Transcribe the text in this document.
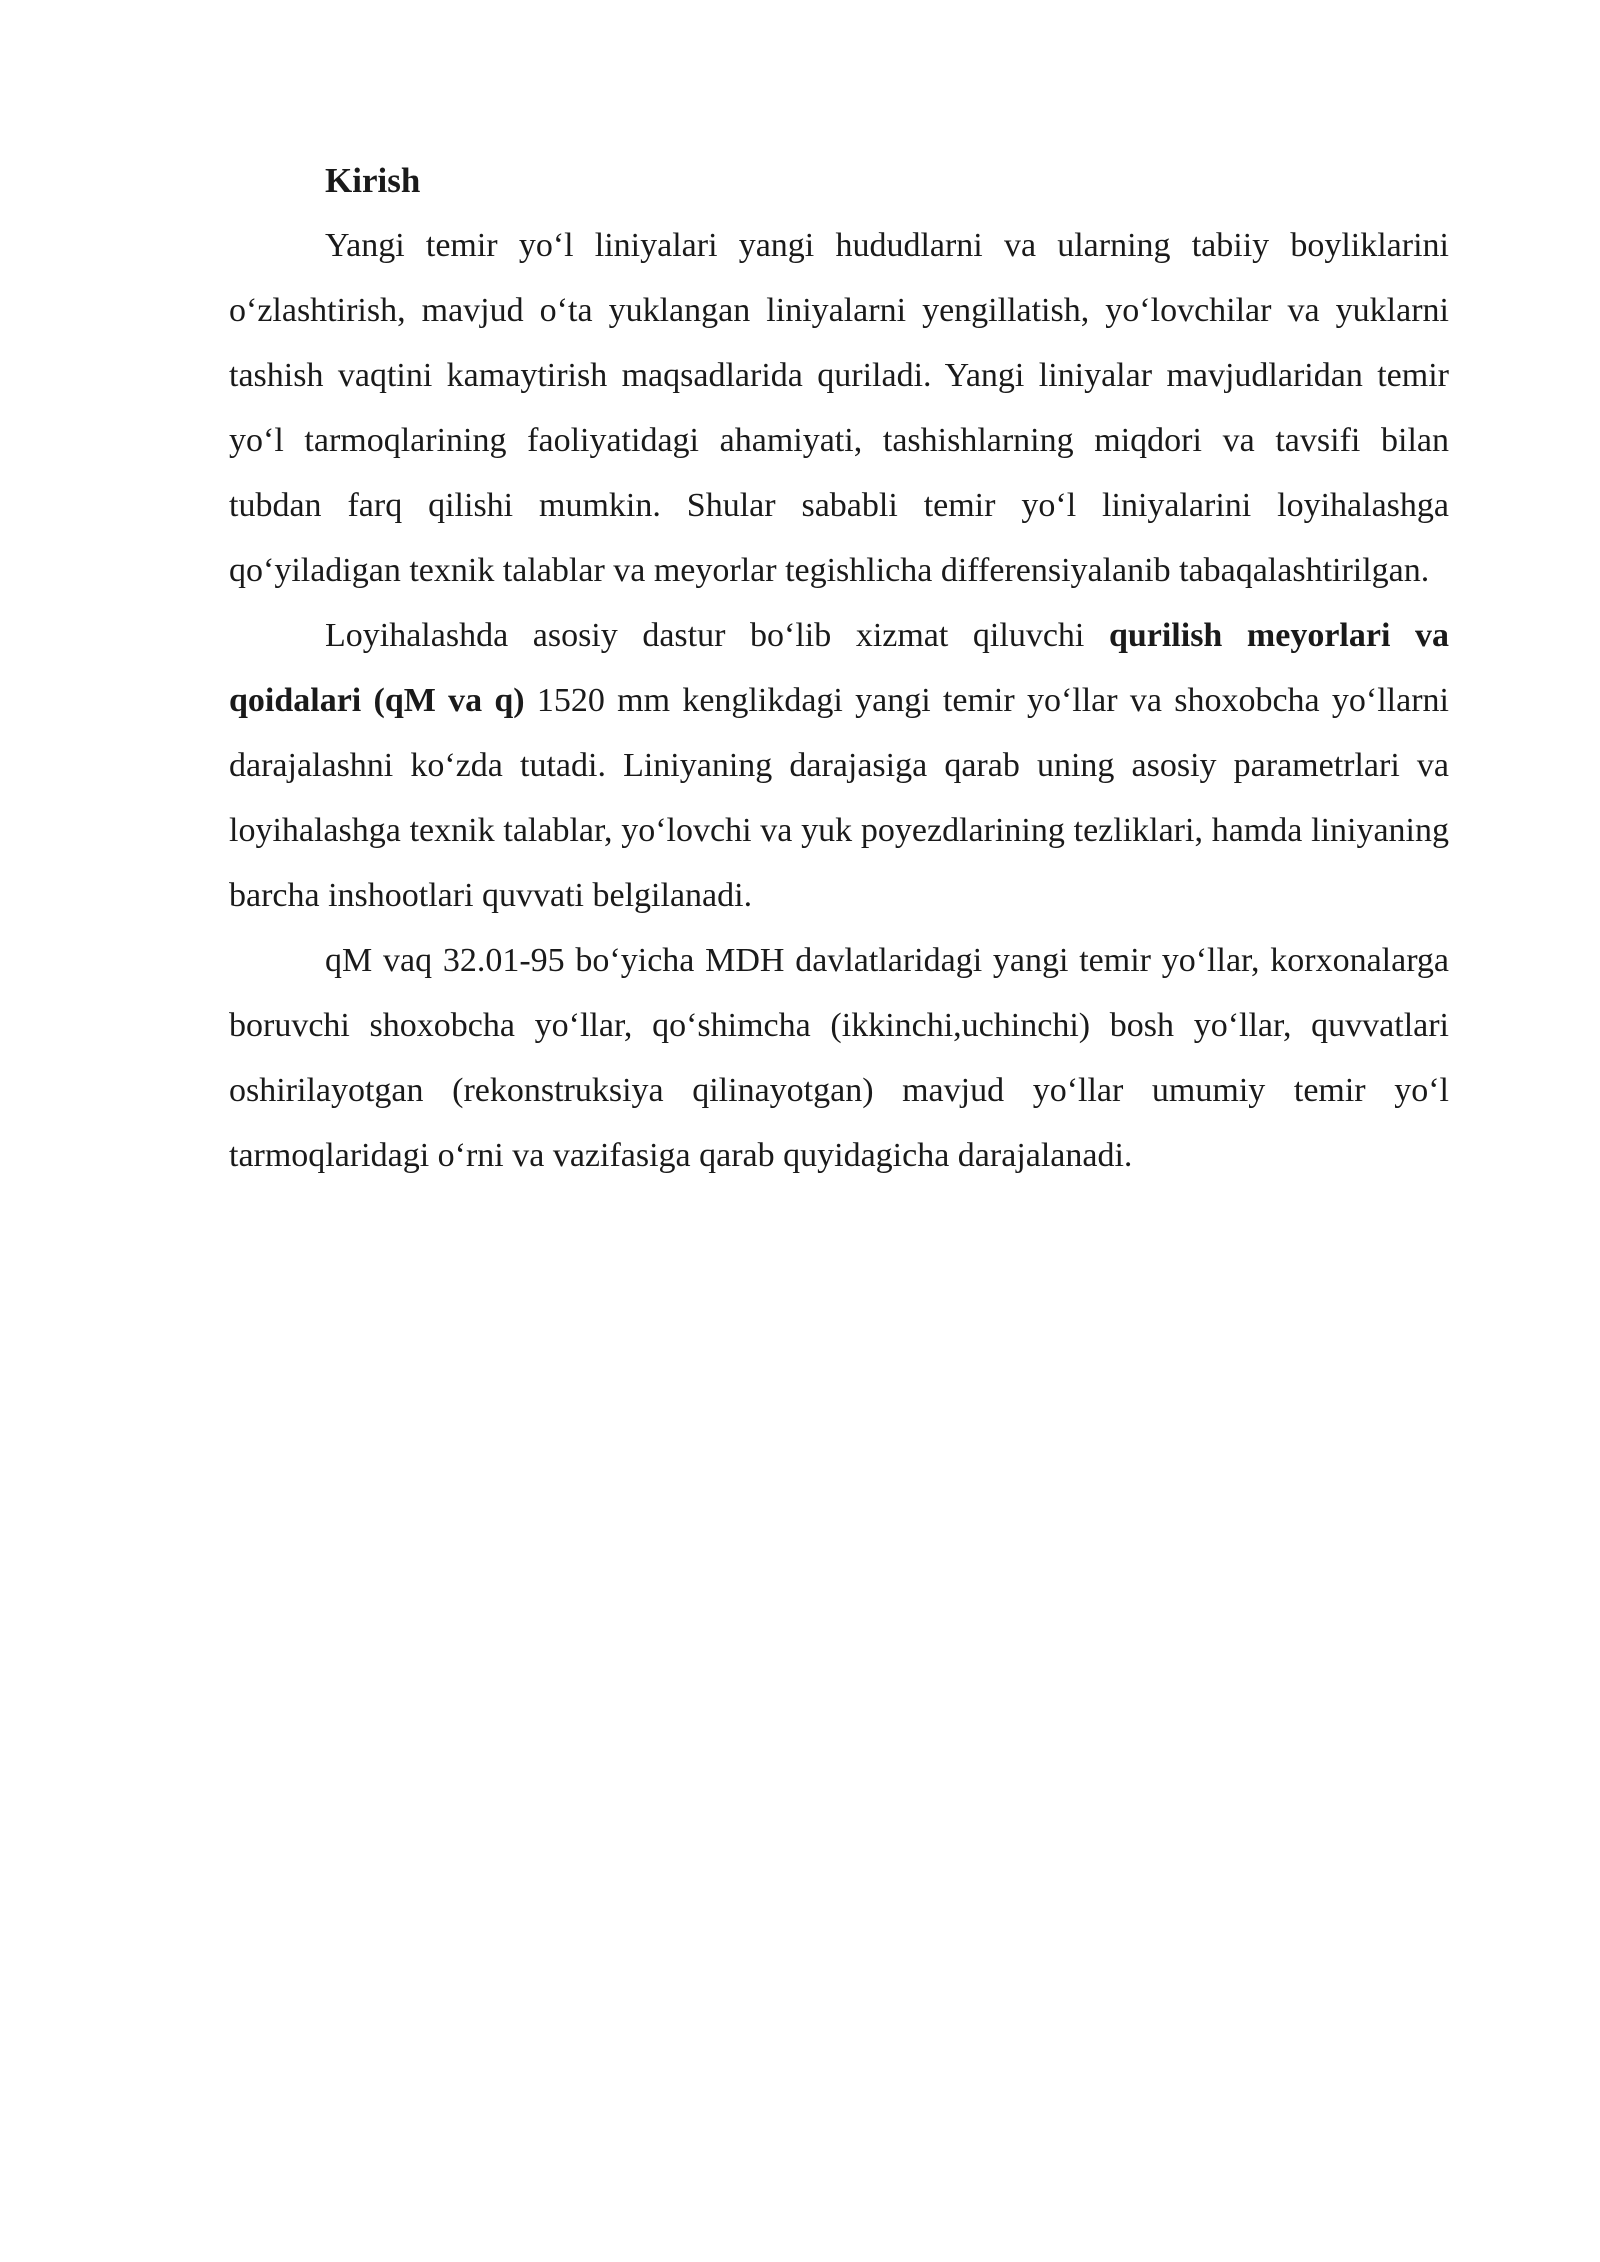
Kirish

Yangi temir yo‘l liniyalari yangi hududlarni va ularning tabiiy boyliklarini o‘zlashtirish, mavjud o‘ta yuklangan liniyalarni yengillatish, yo‘lovchilar va yuklarni tashish vaqtini kamaytirish maqsadlarida quriladi. Yangi liniyalar mavjudlaridan temir yo‘l tarmoqlarining faoliyatidagi ahamiyati, tashishlarning miqdori va tavsifi bilan tubdan farq qilishi mumkin. Shular sababli temir yo‘l liniyalarini loyihalashga qo‘yiladigan texnik talablar va meyorlar tegishlicha differensiyalanib tabaqalashtirilgan.

Loyihalashda asosiy dastur bo‘lib xizmat qiluvchi qurilish meyorlari va qoidalari (qM va q) 1520 mm kenglikdagi yangi temir yo‘llar va shoxobcha yo‘llarni darajalashni ko‘zda tutadi. Liniyaning darajasiga qarab uning asosiy parametrlari va loyihalashga texnik talablar, yo‘lovchi va yuk poyezdlarining tezliklari, hamda liniyaning barcha inshootlari quvvati belgilanadi.

qM vaq 32.01-95 bo‘yicha MDH davlatlaridagi yangi temir yo‘llar, korxonalarga boruvchi shoxobcha yo‘llar, qo‘shimcha (ikkinchi,uchinchi) bosh yo‘llar, quvvatlari oshirilayotgan (rekonstruksiya qilinayotgan) mavjud yo‘llar umumiy temir yo‘l tarmoqlaridagi o‘rni va vazifasiga qarab quyidagicha darajalanadi.
